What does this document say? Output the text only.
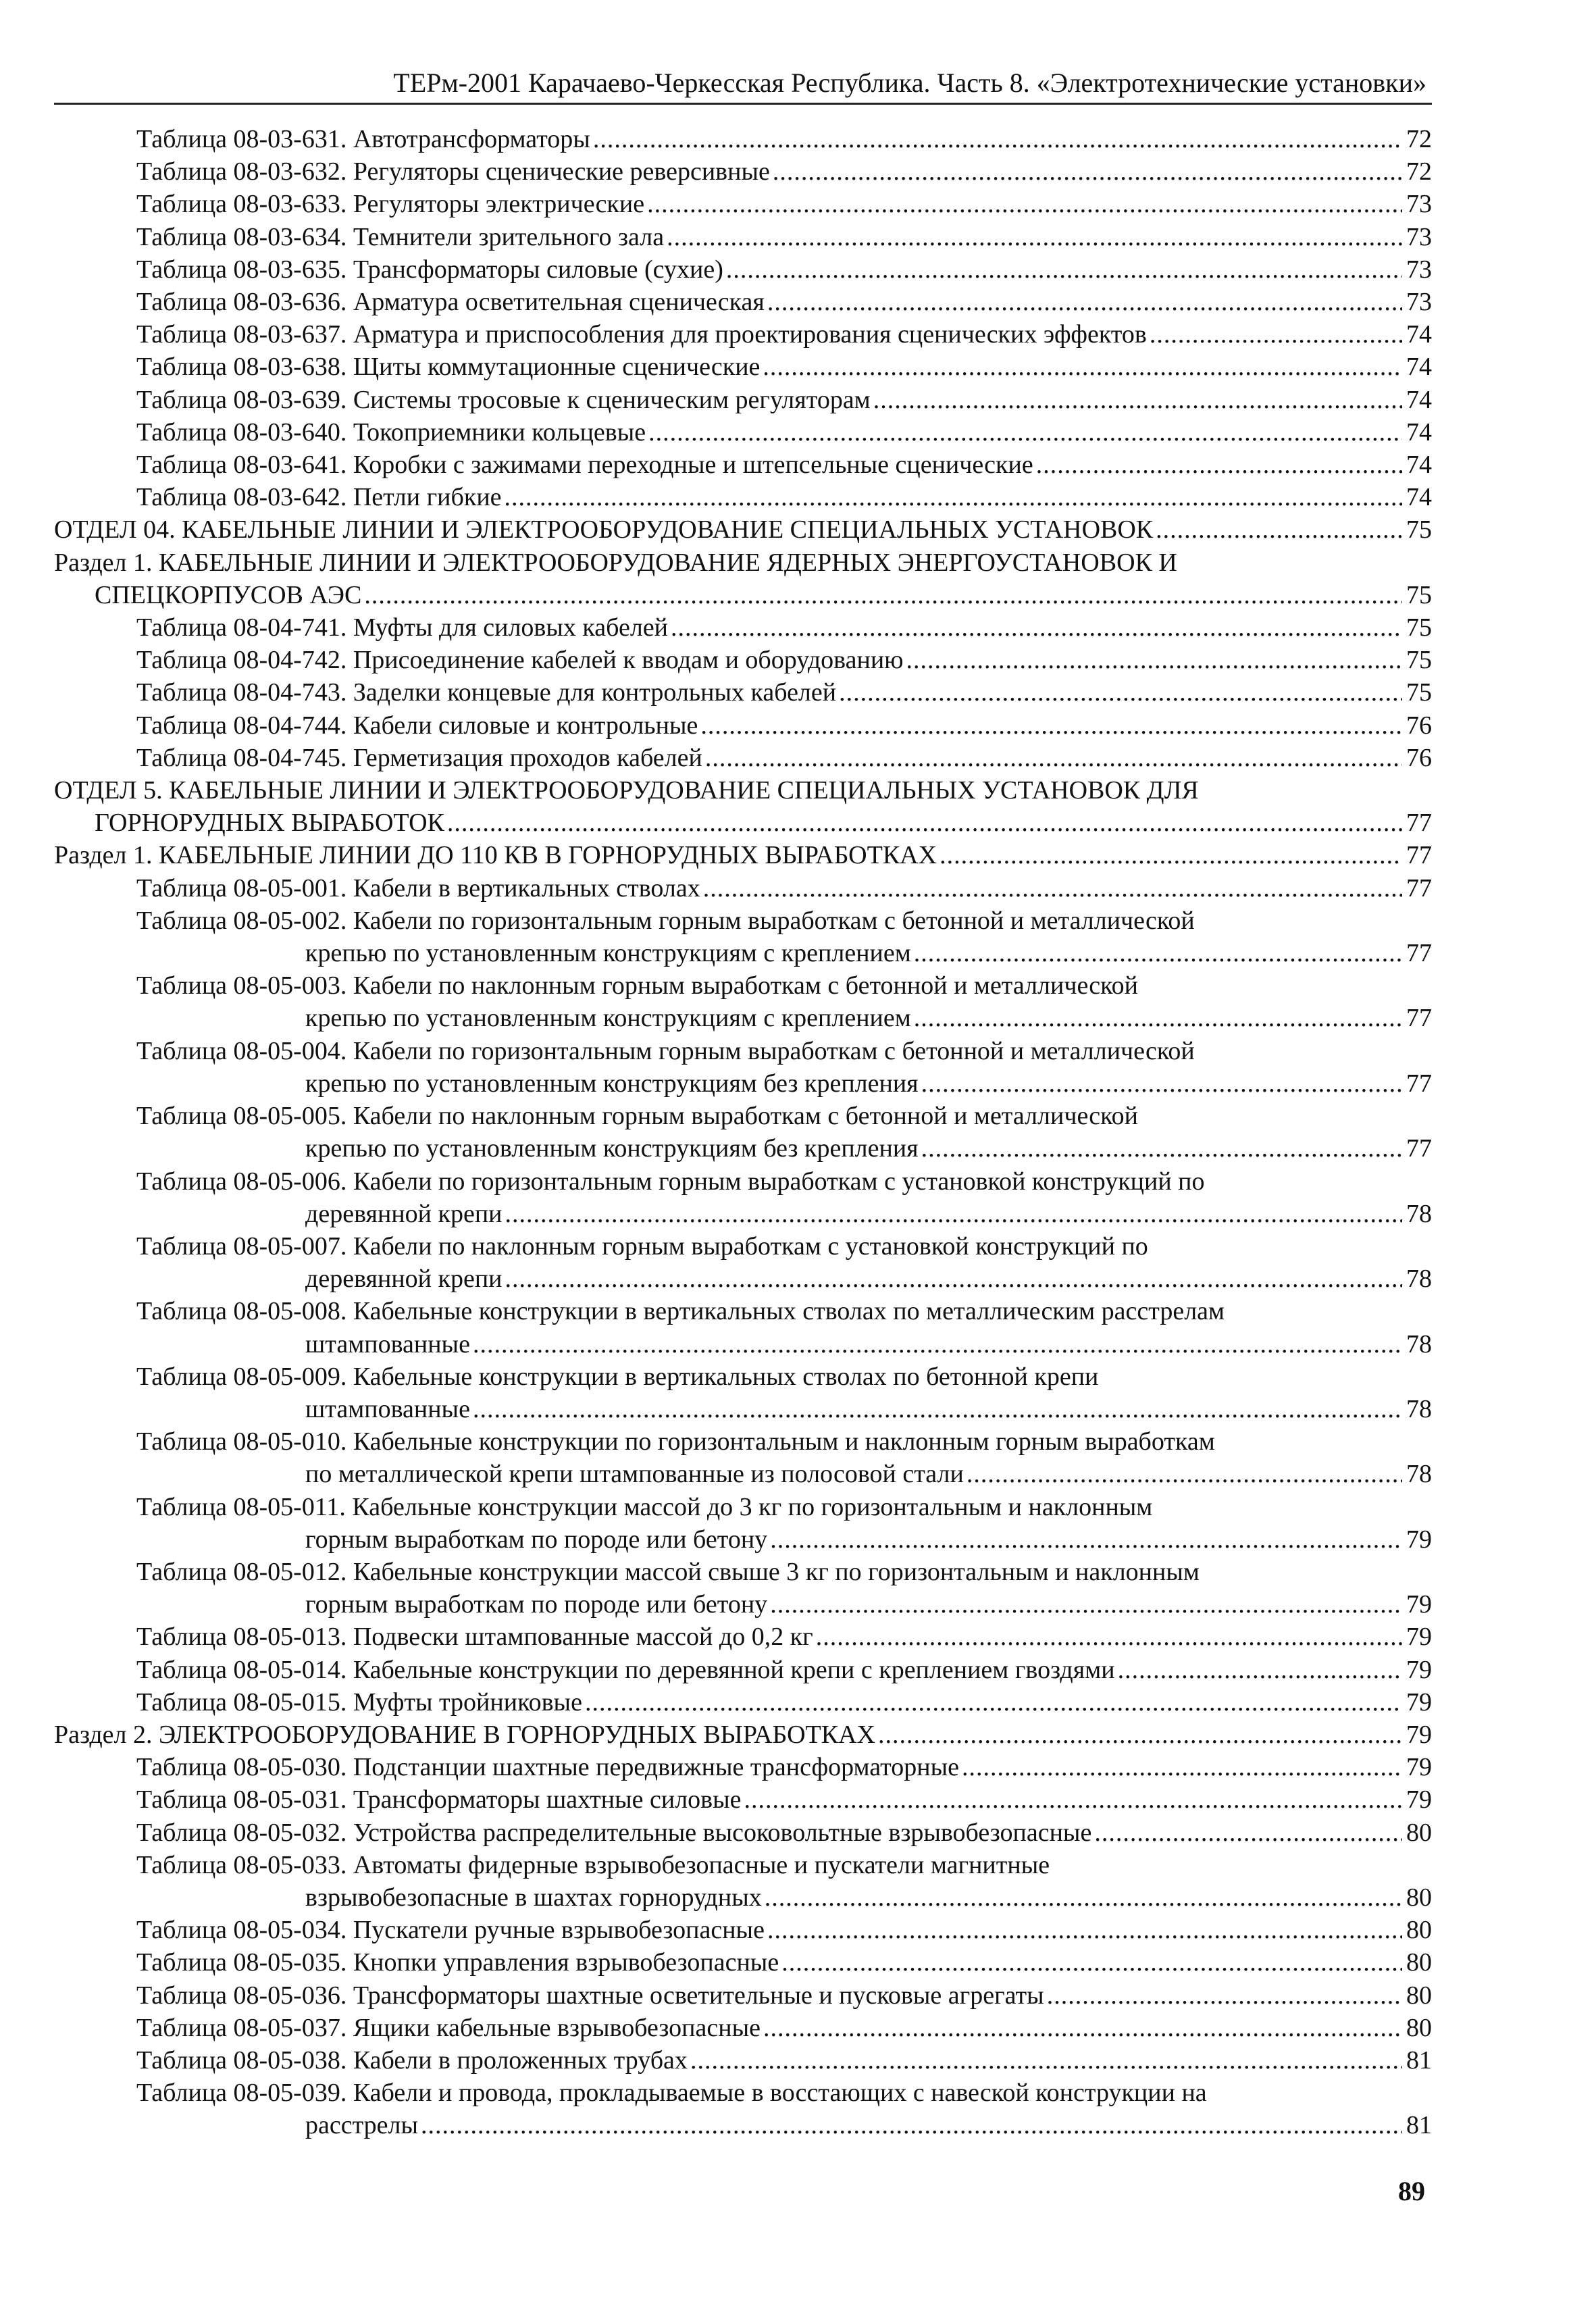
ТЕРм-2001 Карачаево-Черкесская Республика. Часть 8. «Электротехнические установки»
Таблица 08-03-631. Автотрансформаторы .....	72
Таблица 08-03-632. Регуляторы сценические реверсивные .....	72
Таблица 08-03-633. Регуляторы электрические .....	73
Таблица 08-03-634. Темнители зрительного зала .....	73
Таблица 08-03-635. Трансформаторы силовые (сухие) .....	73
Таблица 08-03-636. Арматура осветительная сценическая .....	73
Таблица 08-03-637. Арматура и приспособления для проектирования сценических эффектов .....	74
Таблица 08-03-638. Щиты коммутационные сценические .....	74
Таблица 08-03-639. Системы тросовые к сценическим регуляторам .....	74
Таблица 08-03-640. Токоприемники кольцевые .....	74
Таблица 08-03-641. Коробки с зажимами переходные и штепсельные сценические .....	74
Таблица 08-03-642. Петли гибкие .....	74
ОТДЕЛ 04. КАБЕЛЬНЫЕ ЛИНИИ И ЭЛЕКТРООБОРУДОВАНИЕ СПЕЦИАЛЬНЫХ УСТАНОВОК .....	75
Раздел 1. КАБЕЛЬНЫЕ ЛИНИИ И ЭЛЕКТРООБОРУДОВАНИЕ ЯДЕРНЫХ ЭНЕРГОУСТАНОВОК И
СПЕЦКОРПУСОВ АЭС .....	75
Таблица 08-04-741. Муфты для силовых кабелей .....	75
Таблица 08-04-742. Присоединение кабелей к вводам и оборудованию .....	75
Таблица 08-04-743. Заделки концевые для контрольных кабелей .....	75
Таблица 08-04-744. Кабели силовые и контрольные .....	76
Таблица 08-04-745. Герметизация проходов кабелей .....	76
ОТДЕЛ 5. КАБЕЛЬНЫЕ ЛИНИИ И ЭЛЕКТРООБОРУДОВАНИЕ СПЕЦИАЛЬНЫХ УСТАНОВОК ДЛЯ
ГОРНОРУДНЫХ ВЫРАБОТОК .....	77
Раздел 1. КАБЕЛЬНЫЕ ЛИНИИ ДО 110 КВ В ГОРНОРУДНЫХ ВЫРАБОТКАХ .....	77
Таблица 08-05-001. Кабели в вертикальных стволах .....	77
Таблица 08-05-002. Кабели по горизонтальным горным выработкам с бетонной и металлической
крепью по установленным конструкциям с креплением .....	77
Таблица 08-05-003. Кабели по наклонным горным выработкам с бетонной и металлической
крепью по установленным конструкциям с креплением .....	77
Таблица 08-05-004. Кабели по горизонтальным горным выработкам с бетонной и металлической
крепью по установленным конструкциям без крепления .....	77
Таблица 08-05-005. Кабели по наклонным горным выработкам с бетонной и металлической
крепью по установленным конструкциям без крепления .....	77
Таблица 08-05-006. Кабели по горизонтальным горным выработкам с установкой конструкций по
деревянной крепи .....	78
Таблица 08-05-007. Кабели по наклонным горным выработкам с установкой конструкций по
деревянной крепи .....	78
Таблица 08-05-008. Кабельные конструкции в вертикальных стволах по металлическим расстрелам
штампованные .....	78
Таблица 08-05-009. Кабельные конструкции в вертикальных стволах по бетонной крепи
штампованные .....	78
Таблица 08-05-010. Кабельные конструкции по горизонтальным и наклонным горным выработкам
по металлической крепи штампованные из полосовой стали .....	78
Таблица 08-05-011. Кабельные конструкции массой до 3 кг по горизонтальным и наклонным
горным выработкам по породе или бетону .....	79
Таблица 08-05-012. Кабельные конструкции массой свыше 3 кг по горизонтальным и наклонным
горным выработкам по породе или бетону .....	79
Таблица 08-05-013. Подвески штампованные массой до 0,2 кг .....	79
Таблица 08-05-014. Кабельные конструкции по деревянной крепи с креплением гвоздями .....	79
Таблица 08-05-015. Муфты тройниковые .....	79
Раздел 2. ЭЛЕКТРООБОРУДОВАНИЕ В ГОРНОРУДНЫХ ВЫРАБОТКАХ .....	79
Таблица 08-05-030. Подстанции шахтные передвижные трансформаторные .....	79
Таблица 08-05-031. Трансформаторы шахтные силовые .....	79
Таблица 08-05-032. Устройства распределительные высоковольтные взрывобезопасные .....	80
Таблица 08-05-033. Автоматы фидерные взрывобезопасные и пускатели магнитные
взрывобезопасные в шахтах горнорудных .....	80
Таблица 08-05-034. Пускатели ручные взрывобезопасные .....	80
Таблица 08-05-035. Кнопки управления взрывобезопасные .....	80
Таблица 08-05-036. Трансформаторы шахтные осветительные и пусковые агрегаты .....	80
Таблица 08-05-037. Ящики кабельные взрывобезопасные .....	80
Таблица 08-05-038. Кабели в проложенных трубах .....	81
Таблица 08-05-039. Кабели и провода, прокладываемые в восстающих с навеской конструкции на
расстрелы .....	81
89
